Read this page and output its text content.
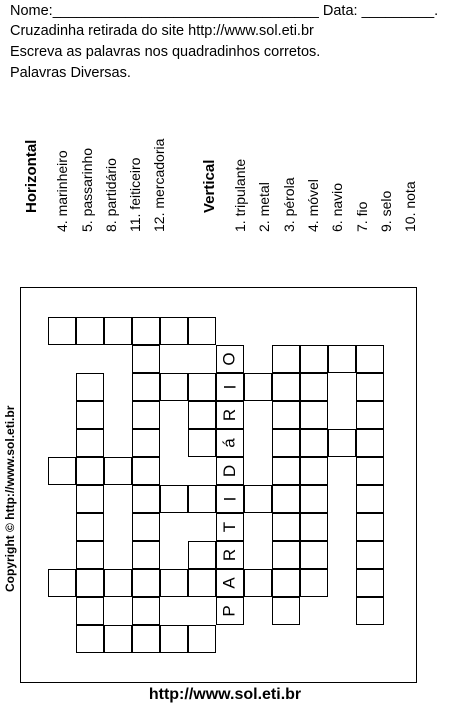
Nome:_________________________________ Data: _________.
Cruzadinha retirada do site http://www.sol.eti.br
Escreva as palavras nos quadradinhos corretos.
Palavras Diversas.
Horizontal 4. marinheiro 5. passarinho 8. partidário 11. feiticeiro 12. mercadoria Vertical 1. tripulante 2. metal 3. pérola 4. móvel 6. navio 7. fio 9. selo 10. nota
Copyright © http://www.sol.eti.br
P
A
R
T
I
D
á
R
I
O
http://www.sol.eti.br
